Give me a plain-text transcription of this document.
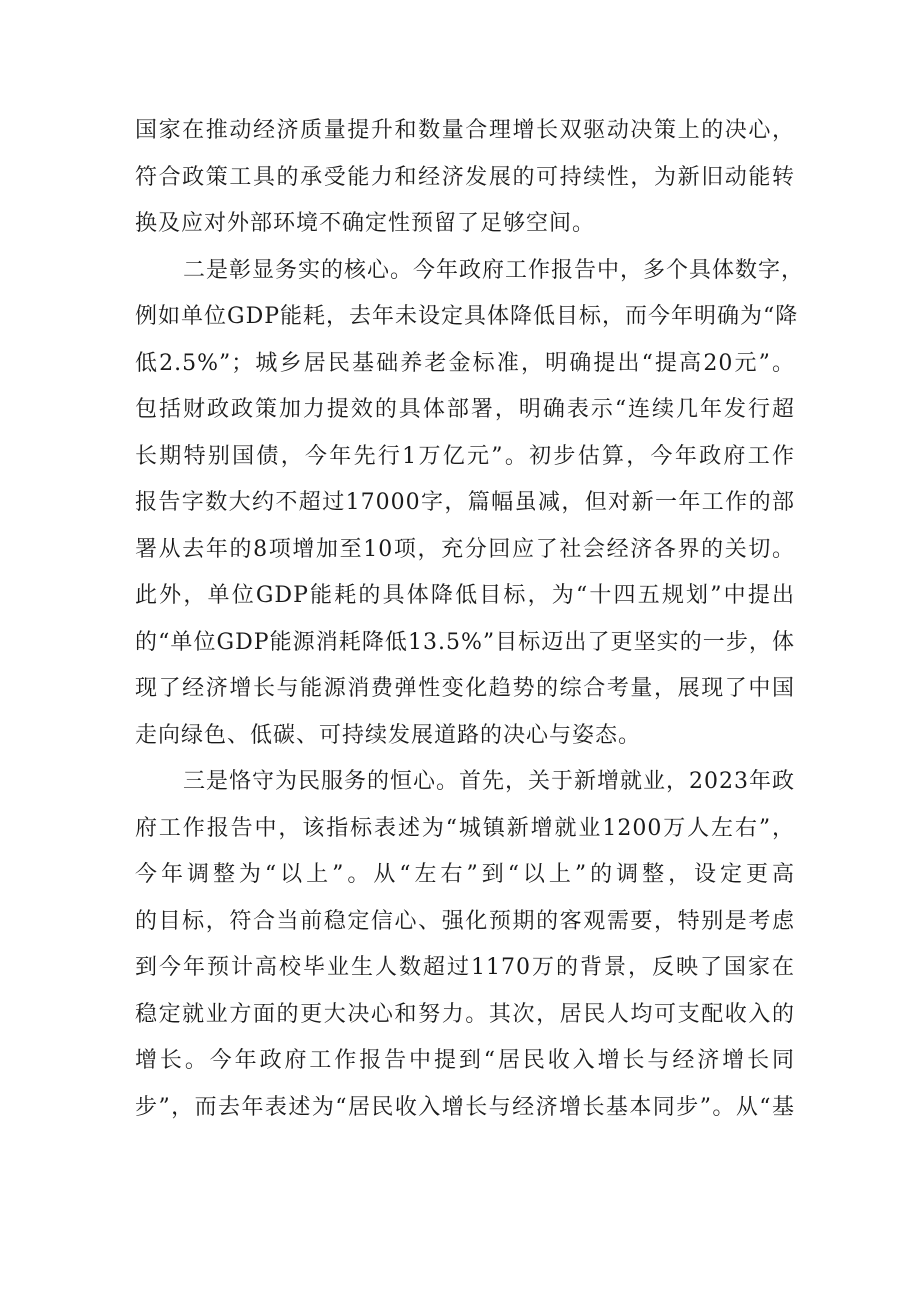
国家在推动经济质量提升和数量合理增长双驱动决策上的决心，
符合政策工具的承受能力和经济发展的可持续性，为新旧动能转
换及应对外部环境不确定性预留了足够空间。
二是彰显务实的核心。今年政府工作报告中，多个具体数字，
例如单位GDP能耗，去年未设定具体降低目标，而今年明确为“降
低2.5%”；城乡居民基础养老金标准，明确提出“提高20元”。
包括财政政策加力提效的具体部署，明确表示“连续几年发行超
长期特别国债，今年先行1万亿元”。初步估算，今年政府工作
报告字数大约不超过17000字，篇幅虽减，但对新一年工作的部
署从去年的8项增加至10项，充分回应了社会经济各界的关切。
此外，单位GDP能耗的具体降低目标，为“十四五规划”中提出
的“单位GDP能源消耗降低13.5%”目标迈出了更坚实的一步，体
现了经济增长与能源消费弹性变化趋势的综合考量，展现了中国
走向绿色、低碳、可持续发展道路的决心与姿态。
三是恪守为民服务的恒心。首先，关于新增就业，2023年政
府工作报告中，该指标表述为“城镇新增就业1200万人左右”，
今年调整为“以上”。从“左右”到“以上”的调整，设定更高
的目标，符合当前稳定信心、强化预期的客观需要，特别是考虑
到今年预计高校毕业生人数超过1170万的背景，反映了国家在
稳定就业方面的更大决心和努力。其次，居民人均可支配收入的
增长。今年政府工作报告中提到“居民收入增长与经济增长同
步”，而去年表述为“居民收入增长与经济增长基本同步”。从“基
